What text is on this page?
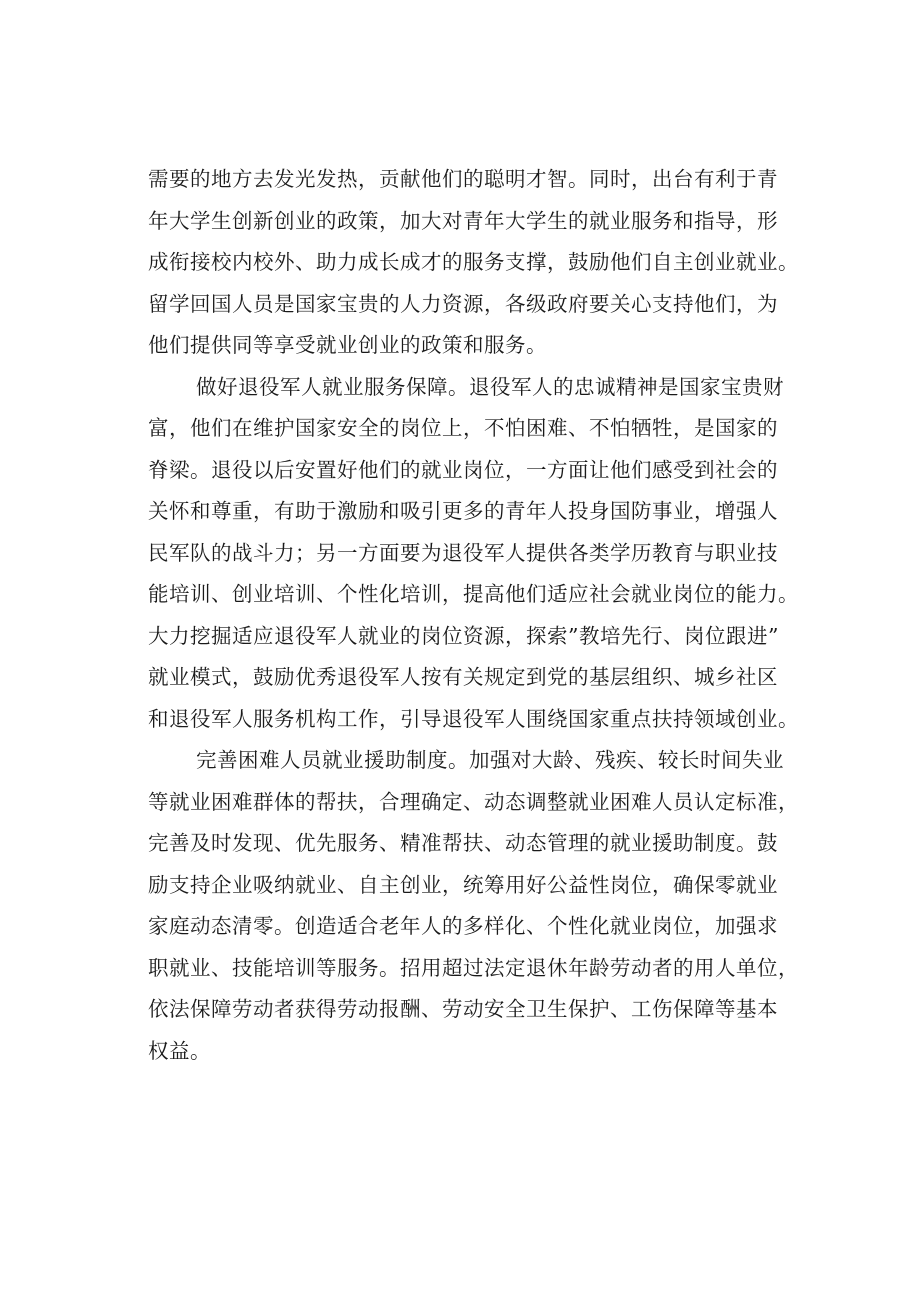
需要的地方去发光发热，贡献他们的聪明才智。同时，出台有利于青
年大学生创新创业的政策，加大对青年大学生的就业服务和指导，形
成衔接校内校外、助力成长成才的服务支撑，鼓励他们自主创业就业。
留学回国人员是国家宝贵的人力资源，各级政府要关心支持他们，为
他们提供同等享受就业创业的政策和服务。
做好退役军人就业服务保障。退役军人的忠诚精神是国家宝贵财
富，他们在维护国家安全的岗位上，不怕困难、不怕牺牲，是国家的
脊梁。退役以后安置好他们的就业岗位，一方面让他们感受到社会的
关怀和尊重，有助于激励和吸引更多的青年人投身国防事业，增强人
民军队的战斗力；另一方面要为退役军人提供各类学历教育与职业技
能培训、创业培训、个性化培训，提高他们适应社会就业岗位的能力。
大力挖掘适应退役军人就业的岗位资源，探索”教培先行、岗位跟进”
就业模式，鼓励优秀退役军人按有关规定到党的基层组织、城乡社区
和退役军人服务机构工作，引导退役军人围绕国家重点扶持领域创业。
完善困难人员就业援助制度。加强对大龄、残疾、较长时间失业
等就业困难群体的帮扶，合理确定、动态调整就业困难人员认定标准，
完善及时发现、优先服务、精准帮扶、动态管理的就业援助制度。鼓
励支持企业吸纳就业、自主创业，统筹用好公益性岗位，确保零就业
家庭动态清零。创造适合老年人的多样化、个性化就业岗位，加强求
职就业、技能培训等服务。招用超过法定退休年龄劳动者的用人单位，
依法保障劳动者获得劳动报酬、劳动安全卫生保护、工伤保障等基本
权益。
